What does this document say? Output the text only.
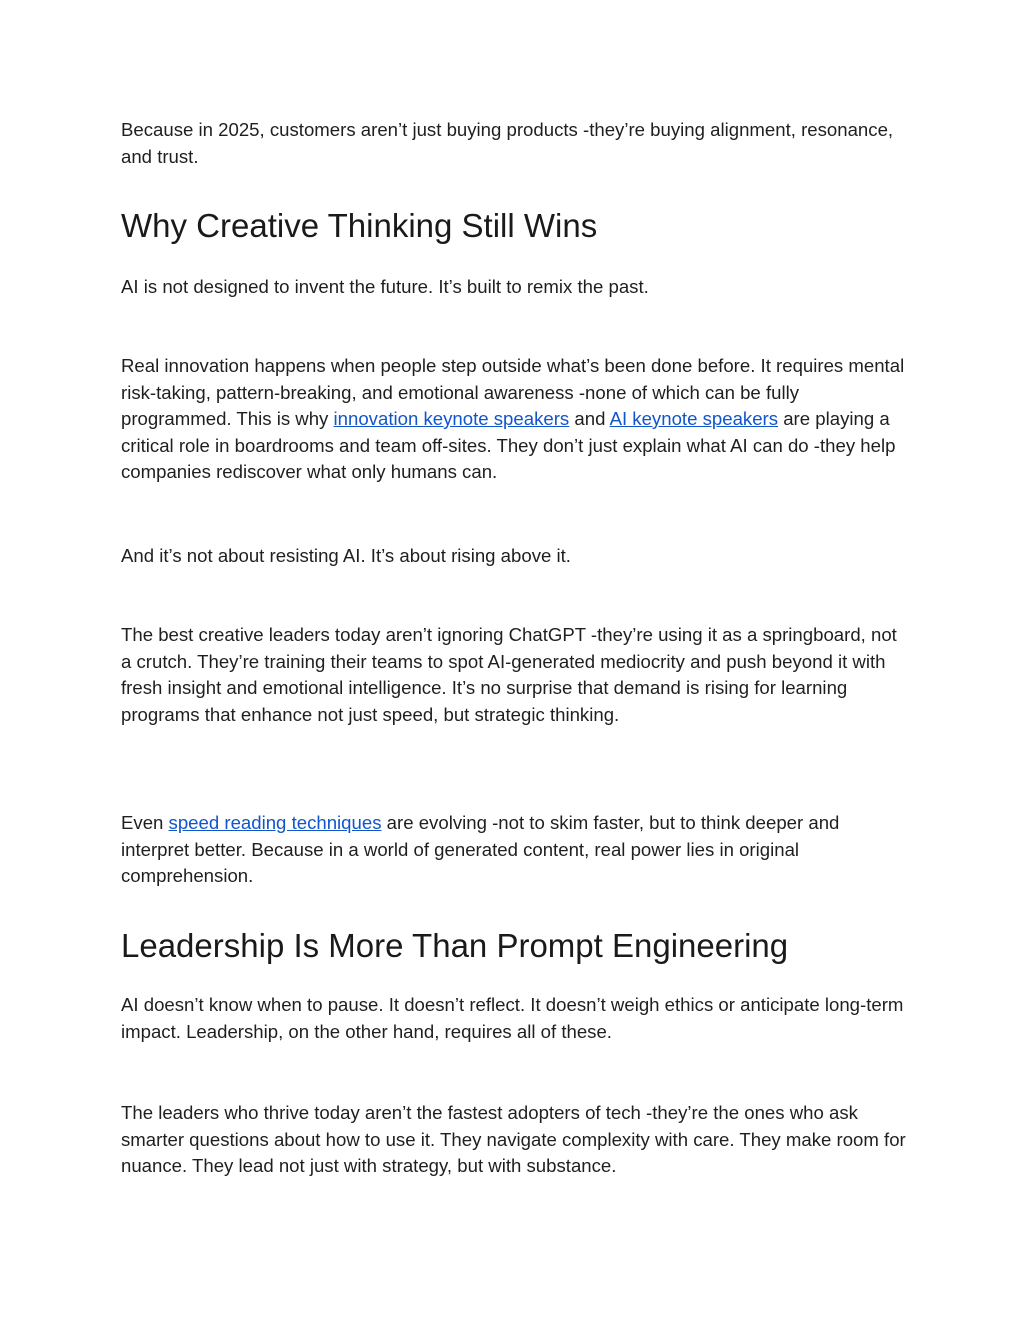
Because in 2025, customers aren’t just buying products -they’re buying alignment, resonance, and trust.

Why Creative Thinking Still Wins

AI is not designed to invent the future. It’s built to remix the past.

Real innovation happens when people step outside what’s been done before. It requires mental risk-taking, pattern-breaking, and emotional awareness -none of which can be fully programmed. This is why innovation keynote speakers and AI keynote speakers are playing a critical role in boardrooms and team off-sites. They don’t just explain what AI can do -they help companies rediscover what only humans can.

And it’s not about resisting AI. It’s about rising above it.

The best creative leaders today aren’t ignoring ChatGPT -they’re using it as a springboard, not a crutch. They’re training their teams to spot AI-generated mediocrity and push beyond it with fresh insight and emotional intelligence. It’s no surprise that demand is rising for learning programs that enhance not just speed, but strategic thinking.

Even speed reading techniques are evolving -not to skim faster, but to think deeper and interpret better. Because in a world of generated content, real power lies in original comprehension.

Leadership Is More Than Prompt Engineering

AI doesn’t know when to pause. It doesn’t reflect. It doesn’t weigh ethics or anticipate long-term impact. Leadership, on the other hand, requires all of these.

The leaders who thrive today aren’t the fastest adopters of tech -they’re the ones who ask smarter questions about how to use it. They navigate complexity with care. They make room for nuance. They lead not just with strategy, but with substance.
